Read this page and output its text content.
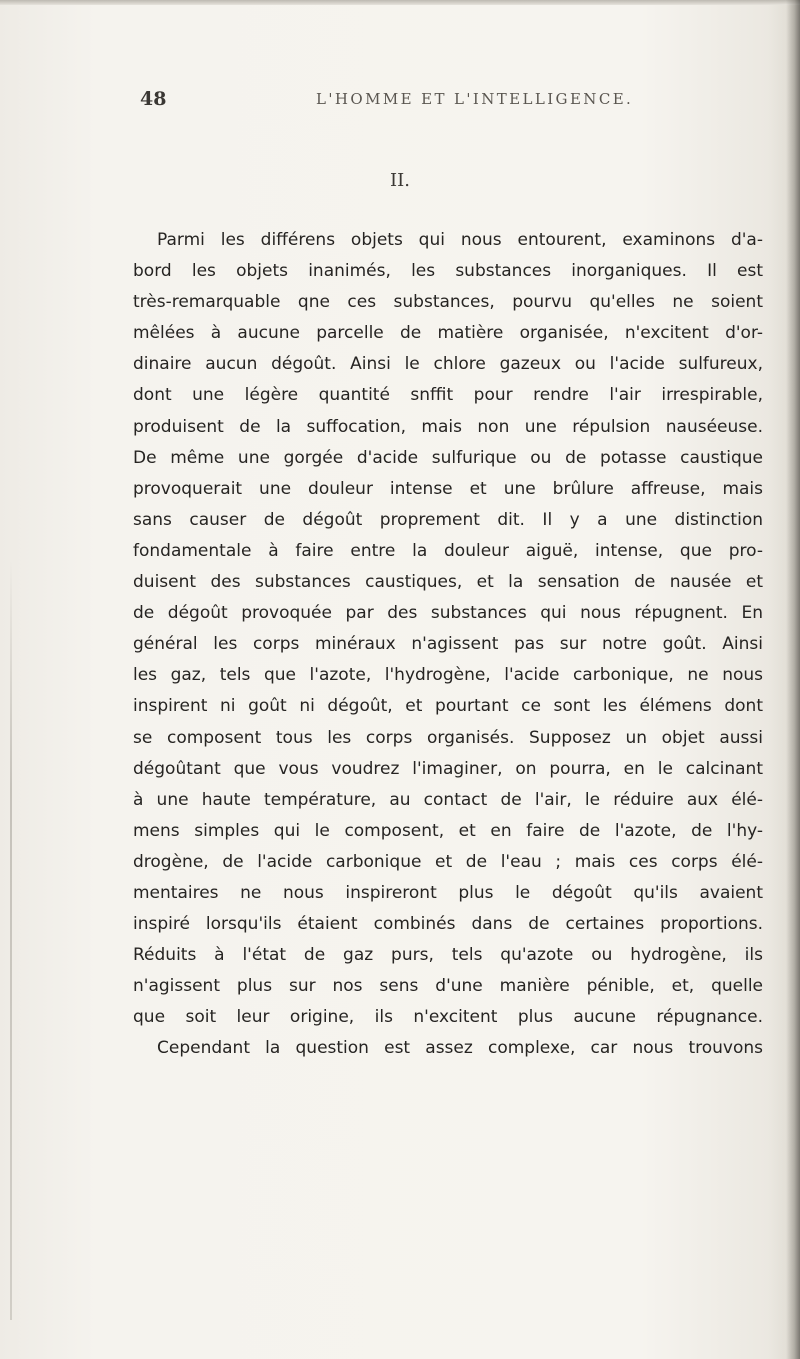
48	L'HOMME ET L'INTELLIGENCE.
II.
Parmi les différens objets qui nous entourent, examinons d'a-
bord les objets inanimés, les substances inorganiques. Il est
très-remarquable qne ces substances, pourvu qu'elles ne soient
mêlées à aucune parcelle de matière organisée, n'excitent d'or-
dinaire aucun dégoût. Ainsi le chlore gazeux ou l'acide sulfureux,
dont une légère quantité snffit pour rendre l'air irrespirable,
produisent de la suffocation, mais non une répulsion nauséeuse.
De même une gorgée d'acide sulfurique ou de potasse caustique
provoquerait une douleur intense et une brûlure affreuse, mais
sans causer de dégoût proprement dit. Il y a une distinction
fondamentale à faire entre la douleur aiguë, intense, que pro-
duisent des substances caustiques, et la sensation de nausée et
de dégoût provoquée par des substances qui nous répugnent. En
général les corps minéraux n'agissent pas sur notre goût. Ainsi
les gaz, tels que l'azote, l'hydrogène, l'acide carbonique, ne nous
inspirent ni goût ni dégoût, et pourtant ce sont les élémens dont
se composent tous les corps organisés. Supposez un objet aussi
dégoûtant que vous voudrez l'imaginer, on pourra, en le calcinant
à une haute température, au contact de l'air, le réduire aux élé-
mens simples qui le composent, et en faire de l'azote, de l'hy-
drogène, de l'acide carbonique et de l'eau ; mais ces corps élé-
mentaires ne nous inspireront plus le dégoût qu'ils avaient
inspiré lorsqu'ils étaient combinés dans de certaines proportions.
Réduits à l'état de gaz purs, tels qu'azote ou hydrogène, ils
n'agissent plus sur nos sens d'une manière pénible, et, quelle
que soit leur origine, ils n'excitent plus aucune répugnance.
Cependant la question est assez complexe, car nous trouvons
